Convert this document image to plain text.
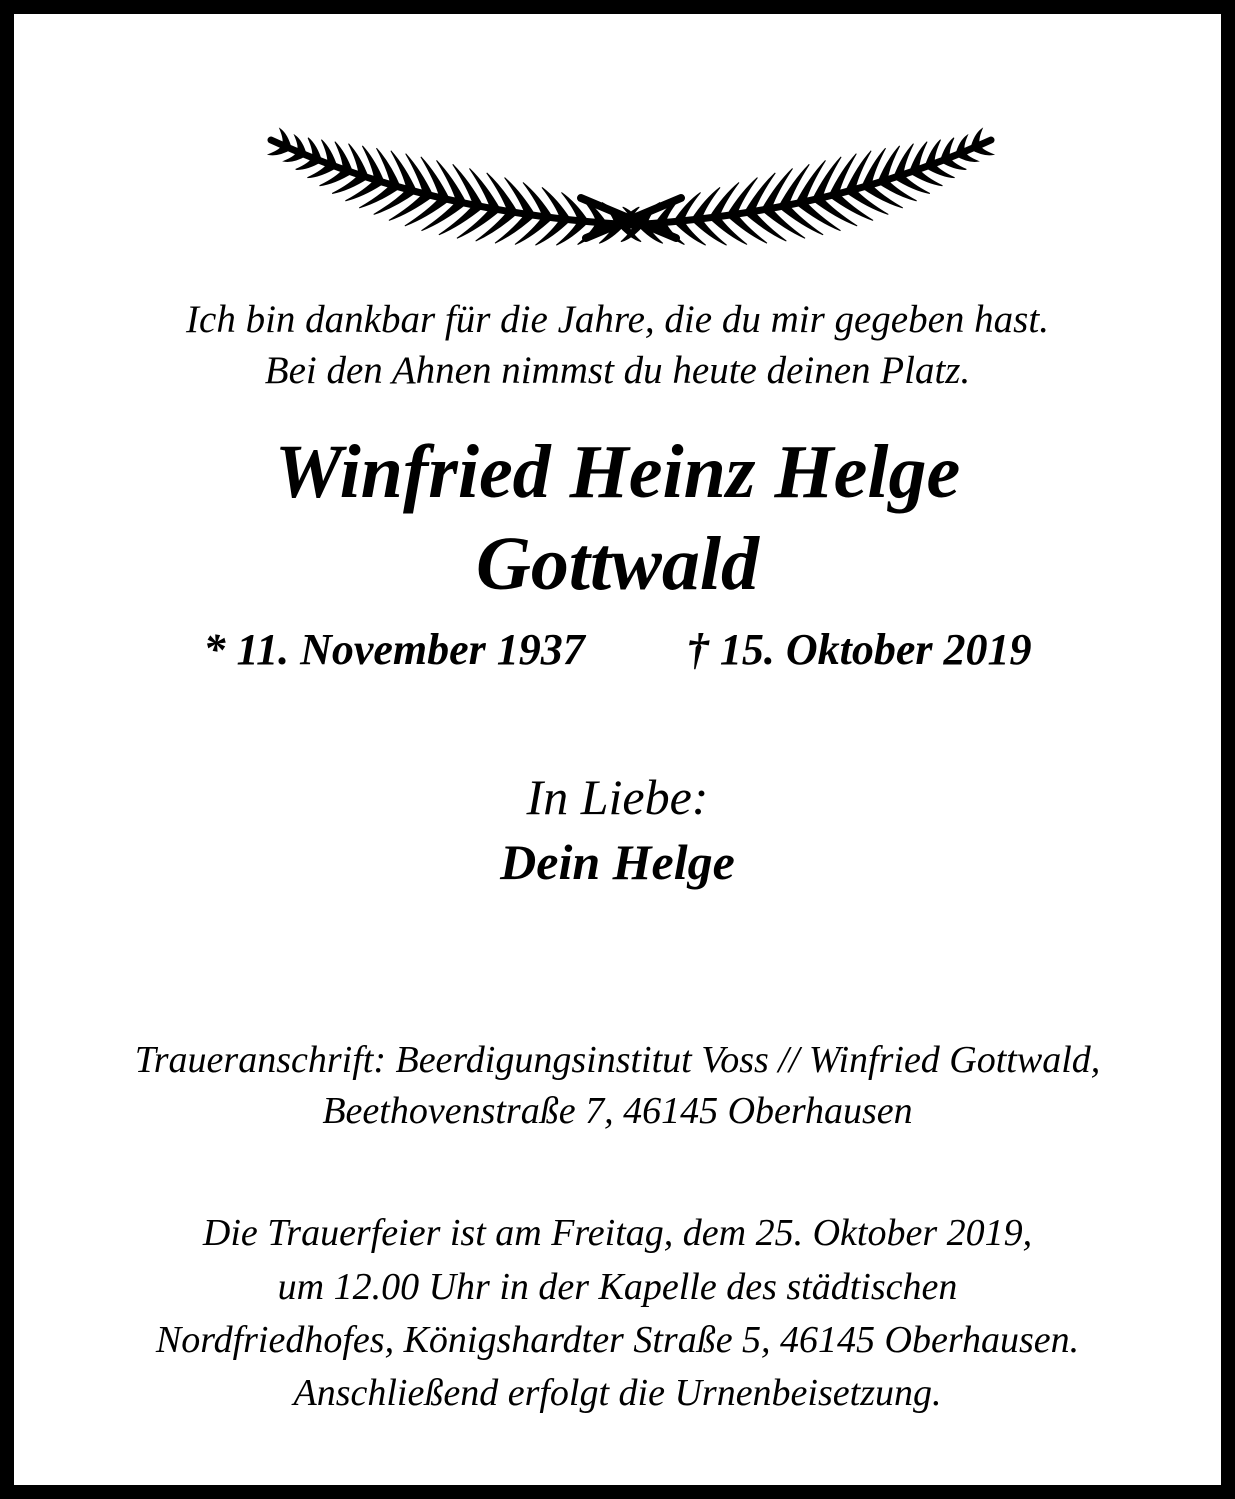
Ich bin dankbar für die Jahre, die du mir gegeben hast.
Bei den Ahnen nimmst du heute deinen Platz.
Winfried Heinz Helge
Gottwald
* 11. November 1937 † 15. Oktober 2019
In Liebe:
Dein Helge
Traueranschrift: Beerdigungsinstitut Voss // Winfried Gottwald,
Beethovenstraße 7, 46145 Oberhausen
Die Trauerfeier ist am Freitag, dem 25. Oktober 2019,
um 12.00 Uhr in der Kapelle des städtischen
Nordfriedhofes, Königshardter Straße 5, 46145 Oberhausen.
Anschließend erfolgt die Urnenbeisetzung.
